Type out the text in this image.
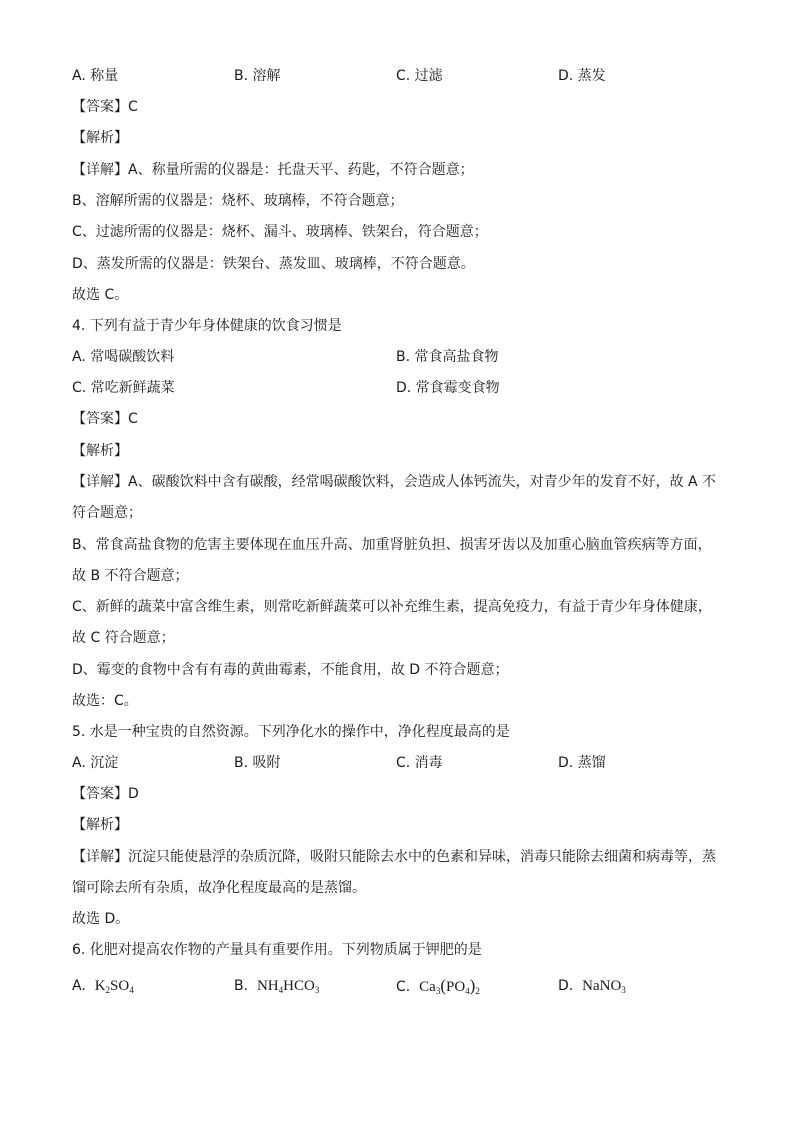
A. 称量	B. 溶解	C. 过滤	D. 蒸发
【答案】C
【解析】
【详解】A、称量所需的仪器是：托盘天平、药匙，不符合题意；
B、溶解所需的仪器是：烧杯、玻璃棒，不符合题意；
C、过滤所需的仪器是：烧杯、漏斗、玻璃棒、铁架台，符合题意；
D、蒸发所需的仪器是：铁架台、蒸发皿、玻璃棒，不符合题意。
故选 C。
4. 下列有益于青少年身体健康的饮食习惯是
A. 常喝碳酸饮料	B. 常食高盐食物
C. 常吃新鲜蔬菜	D. 常食霉变食物
【答案】C
【解析】
【详解】A、碳酸饮料中含有碳酸，经常喝碳酸饮料，会造成人体钙流失，对青少年的发育不好，故 A 不
符合题意；
B、常食高盐食物的危害主要体现在血压升高、加重肾脏负担、损害牙齿以及加重心脑血管疾病等方面，
故 B 不符合题意；
C、新鲜的蔬菜中富含维生素，则常吃新鲜蔬菜可以补充维生素，提高免疫力，有益于青少年身体健康，
故 C 符合题意；
D、霉变的食物中含有有毒的黄曲霉素，不能食用，故 D 不符合题意；
故选：C。
5. 水是一种宝贵的自然资源。下列净化水的操作中，净化程度最高的是
A. 沉淀	B. 吸附	C. 消毒	D. 蒸馏
【答案】D
【解析】
【详解】沉淀只能使悬浮的杂质沉降，吸附只能除去水中的色素和异味，消毒只能除去细菌和病毒等，蒸
馏可除去所有杂质，故净化程度最高的是蒸馏。
故选 D。
6. 化肥对提高农作物的产量具有重要作用。下列物质属于钾肥的是
A. $K_2SO_4$	B. $NH_4HCO_3$	C. $Ca_3(PO_4)_2$	D. NaNO$_3$
